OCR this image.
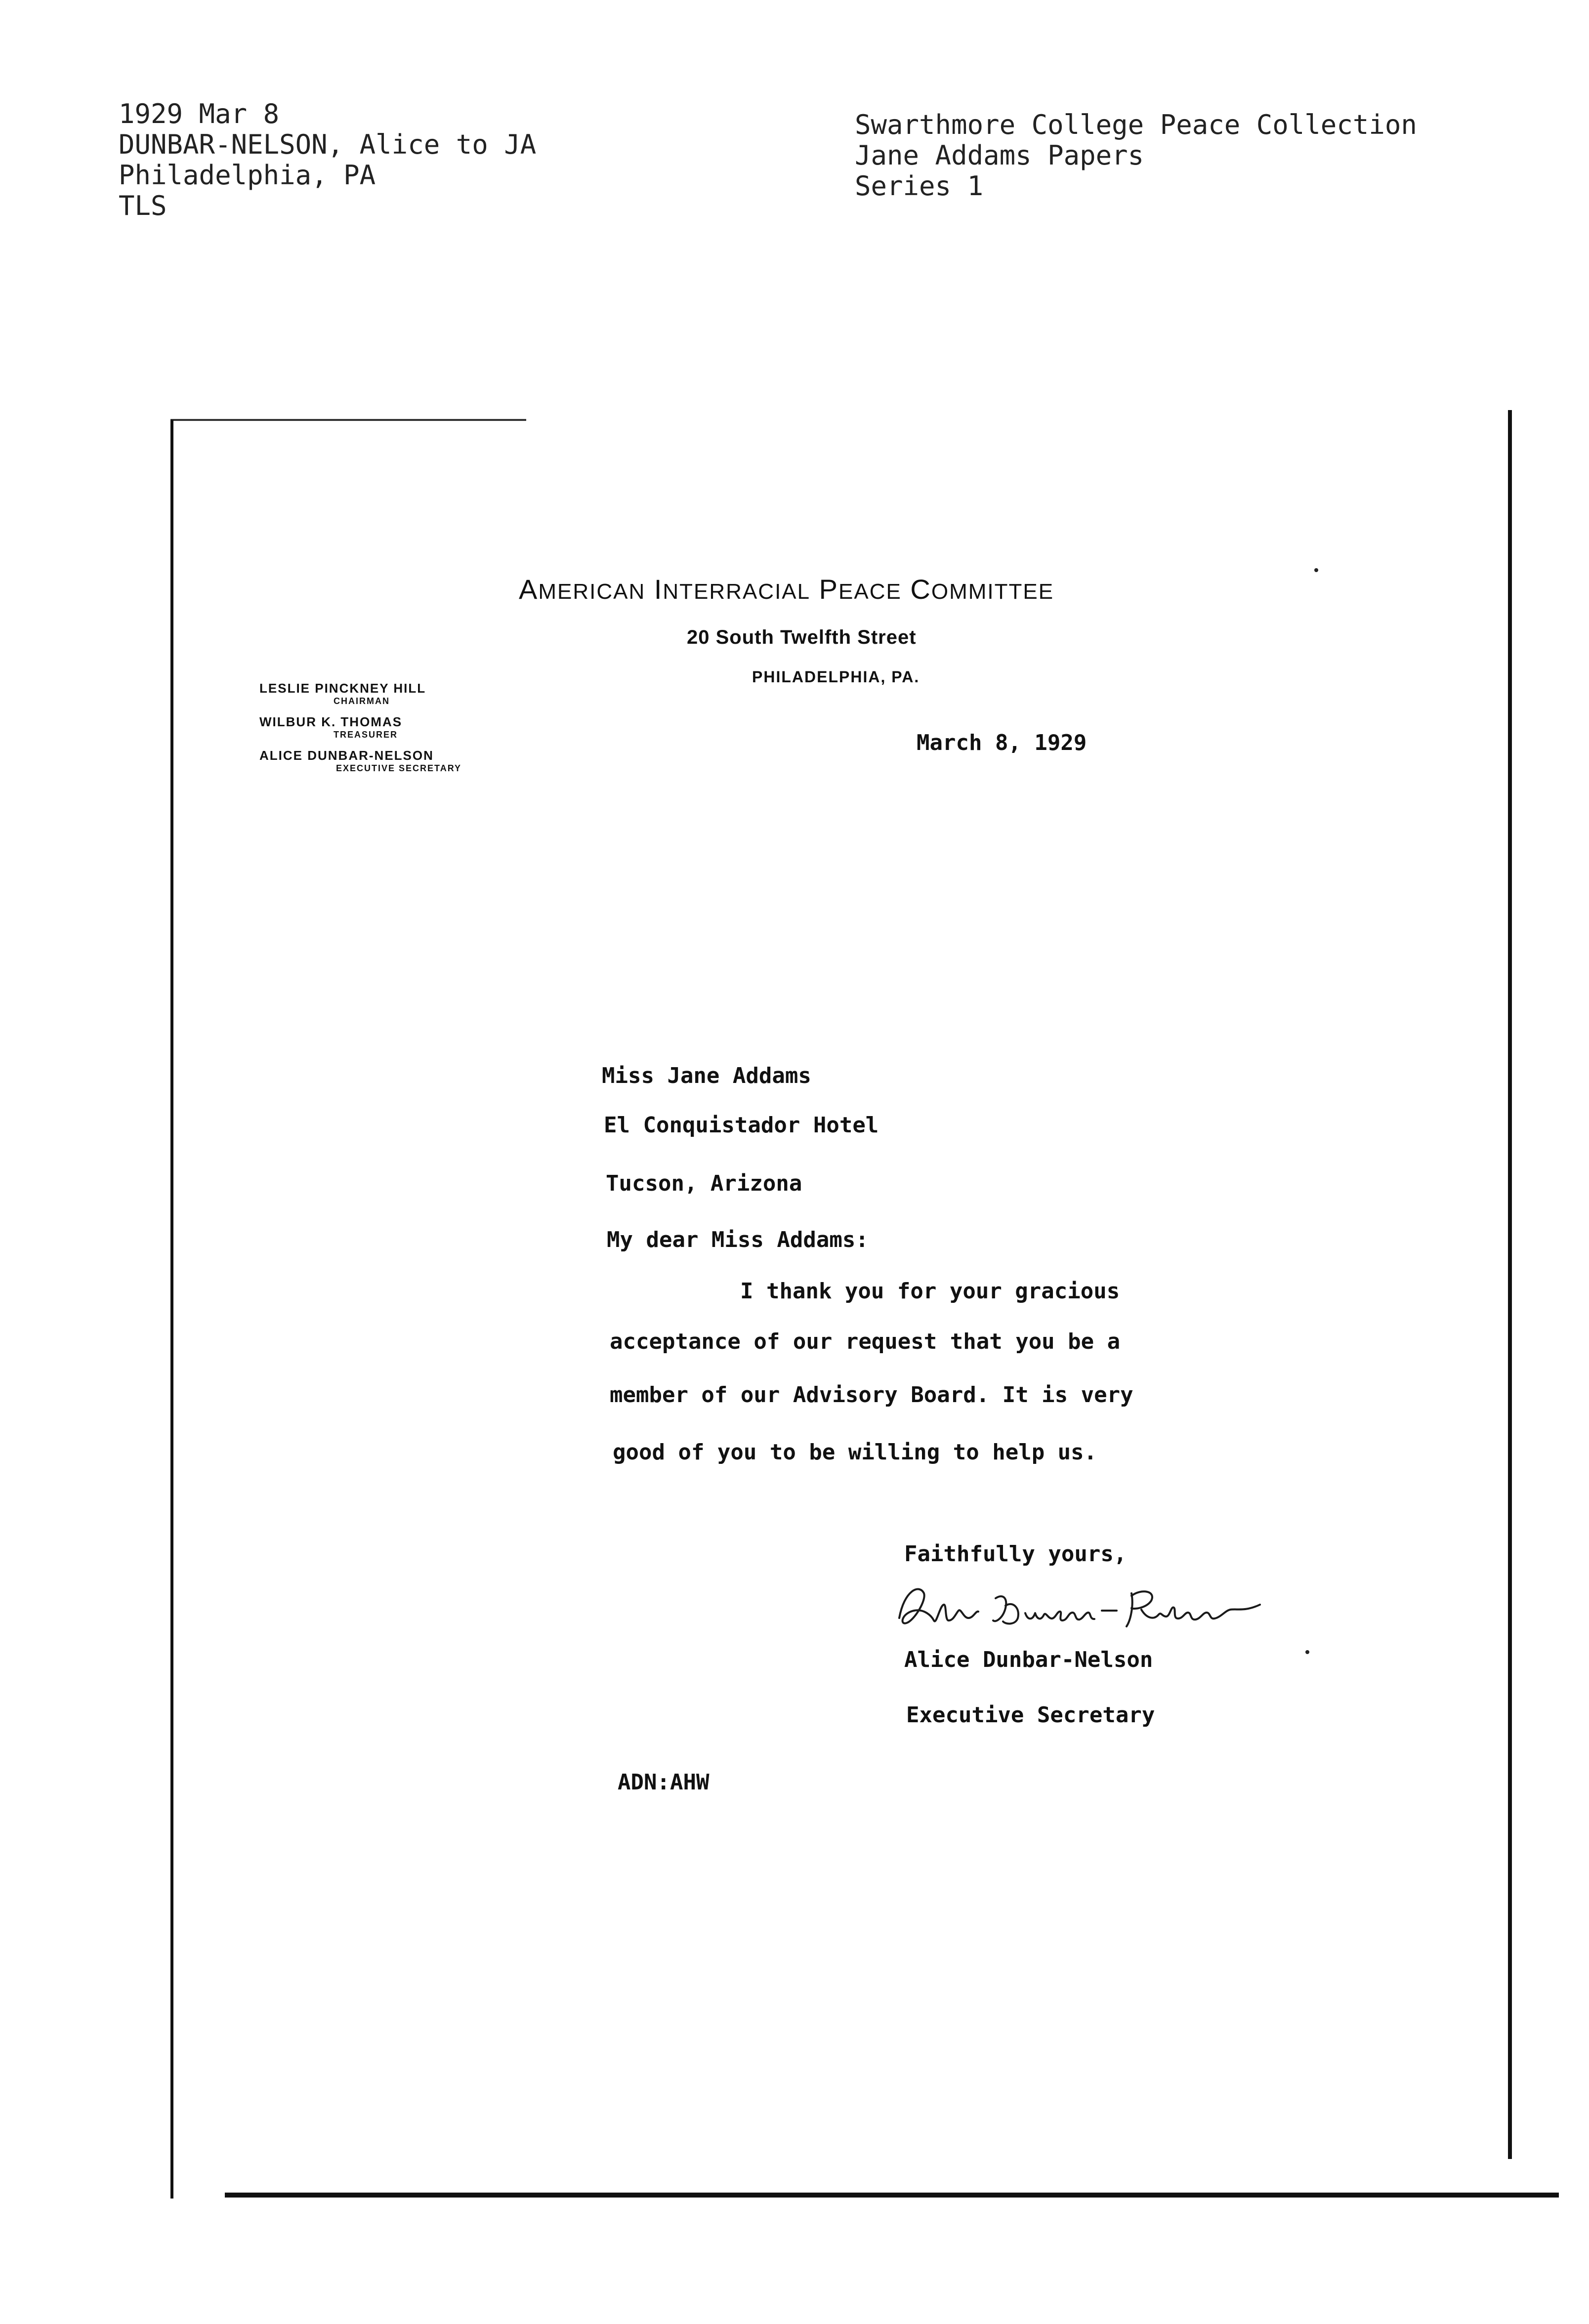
1929 Mar 8
DUNBAR-NELSON, Alice to JA
Philadelphia, PA
TLS
Swarthmore College Peace Collection
Jane Addams Papers
Series 1
AMERICAN INTERRACIAL PEACE COMMITTEE
20 South Twelfth Street
PHILADELPHIA, PA.
LESLIE PINCKNEY HILL
CHAIRMAN
WILBUR K. THOMAS
TREASURER
ALICE DUNBAR-NELSON
EXECUTIVE SECRETARY
March 8, 1929
Miss Jane Addams
El Conquistador Hotel
Tucson, Arizona
My dear Miss Addams:
I thank you for your gracious
acceptance of our request that you be a
member of our Advisory Board. It is very
good of you to be willing to help us.
Faithfully yours,
Alice Dunbar-Nelson
Executive Secretary
ADN:AHW
